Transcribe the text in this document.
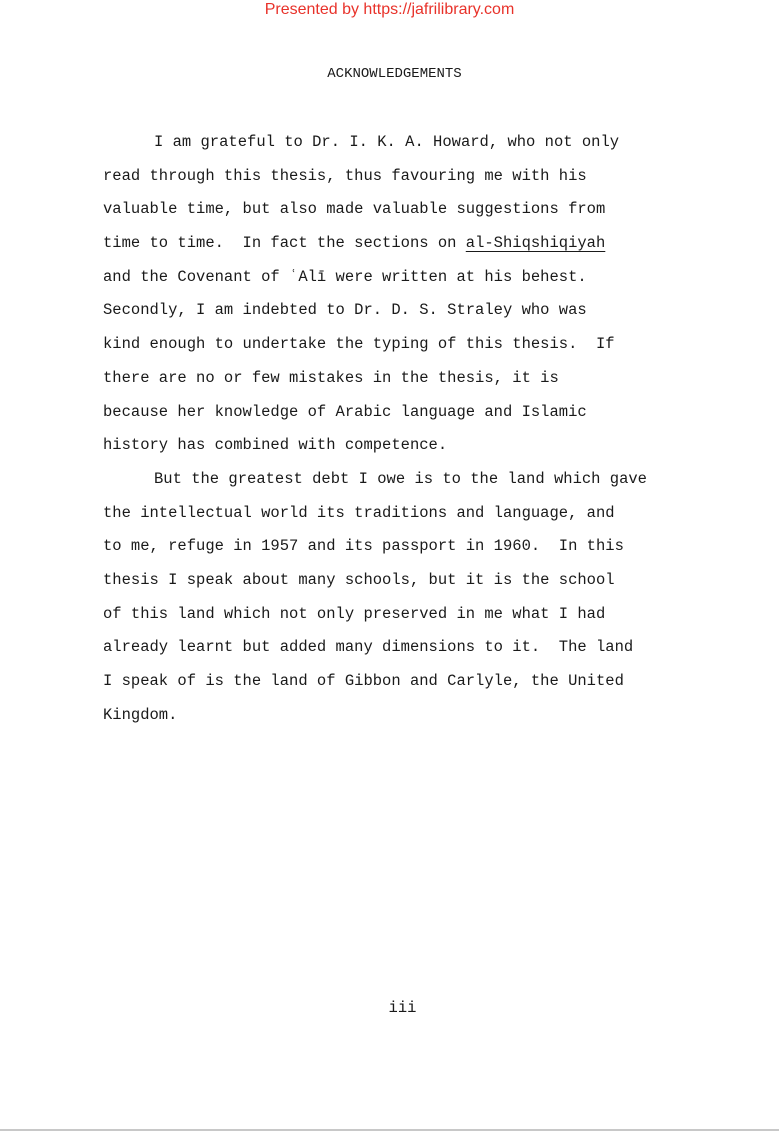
Presented by https://jafrilibrary.com
ACKNOWLEDGEMENTS
I am grateful to Dr. I. K. A. Howard, who not only
read through this thesis, thus favouring me with his
valuable time, but also made valuable suggestions from
time to time.  In fact the sections on al-Shiqshiqiyah
and the Covenant of ʿAlī were written at his behest.
Secondly, I am indebted to Dr. D. S. Straley who was
kind enough to undertake the typing of this thesis.  If
there are no or few mistakes in the thesis, it is
because her knowledge of Arabic language and Islamic
history has combined with competence.
But the greatest debt I owe is to the land which gave
the intellectual world its traditions and language, and
to me, refuge in 1957 and its passport in 1960.  In this
thesis I speak about many schools, but it is the school
of this land which not only preserved in me what I had
already learnt but added many dimensions to it.  The land
I speak of is the land of Gibbon and Carlyle, the United
Kingdom.
iii
